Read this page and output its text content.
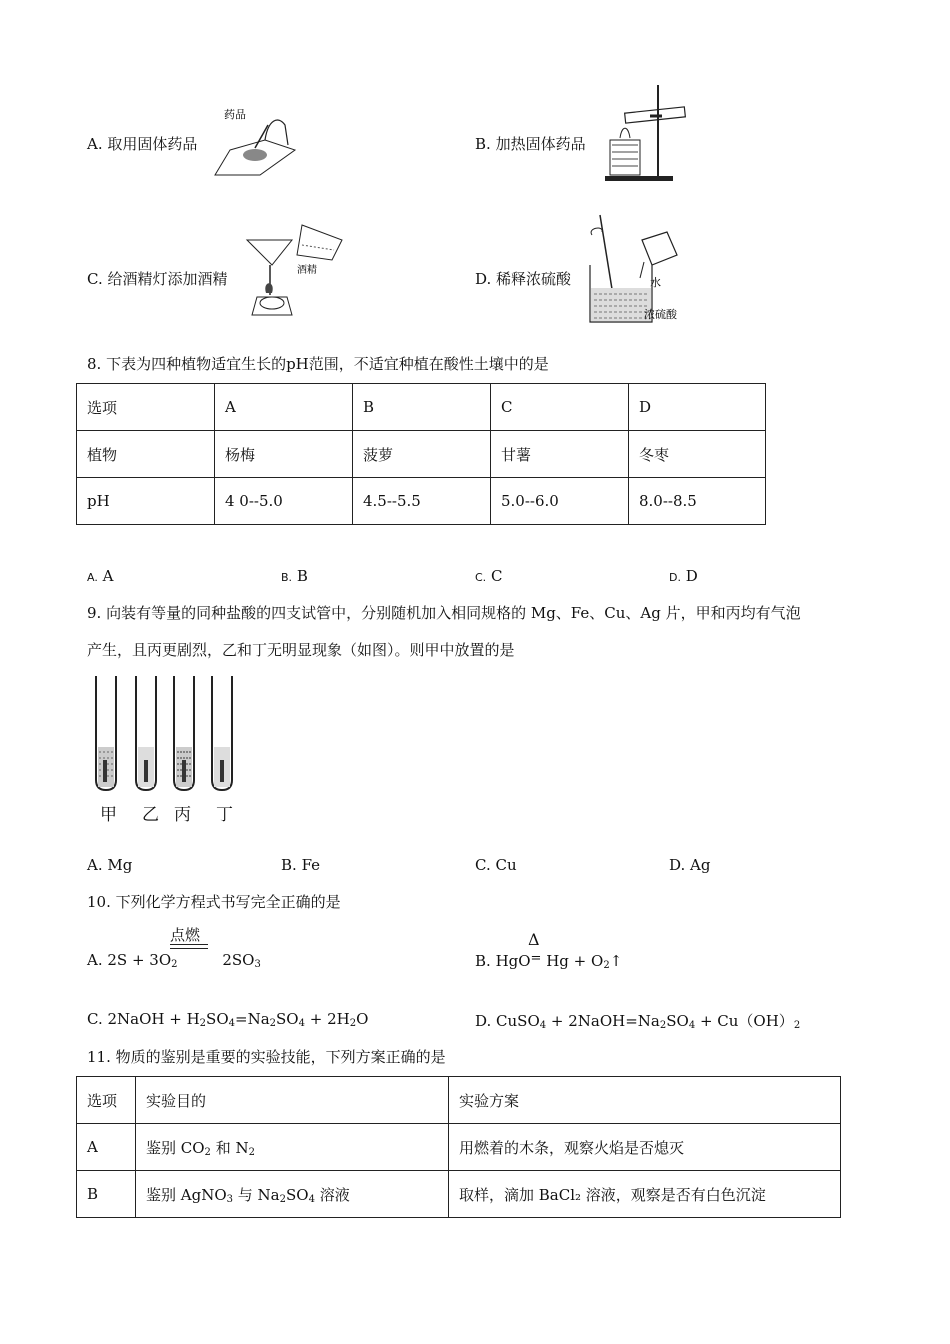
A. 取用固体药品
药品
B. 加热固体药品
C. 给酒精灯添加酒精	酒精	D. 稀释浓硫酸	水
浓硫酸
8. 下表为四种植物适宜生长的pH范围，不适宜种植在酸性土壤中的是
选项	A	B	C	D
植物	杨梅	菠萝	甘薯	冬枣
pH	4 0--5.0	4.5--5.5	5.0--6.0	8.0--8.5
A. A	B. B	C. C	D. D
9. 向装有等量的同种盐酸的四支试管中，分别随机加入相同规格的 Mg、Fe、Cu、Ag 片，甲和丙均有气泡
产生，且丙更剧烈，乙和丁无明显现象（如图）。则甲中放置的是
甲 乙 丙 丁
A. Mg	B. Fe	C. Cu	D. Ag
10. 下列化学方程式书写完全正确的是
点燃
A. $2S + 3O_2$	$2SO_3$
Δ
B. $HgO= Hg + O_2↑$
C. 2NaOH + $H_2SO_4=Na_2SO_4 + 2H_2O$	D. CuSO$_4$ + $2NaOH=Na_2SO_4 + Cu(OH)_2$
11. 物质的鉴别是重要的实验技能，下列方案正确的是
选项	实验目的	实验方案
A	鉴别 $CO_2$ 和 $N_2$	用燃着的木条，观察火焰是否熄灭
B	鉴别 AgNO$_3$ 与 $Na_2SO_4$ 溶液	取样，滴加 BaCl₂ 溶液，观察是否有白色沉淀
